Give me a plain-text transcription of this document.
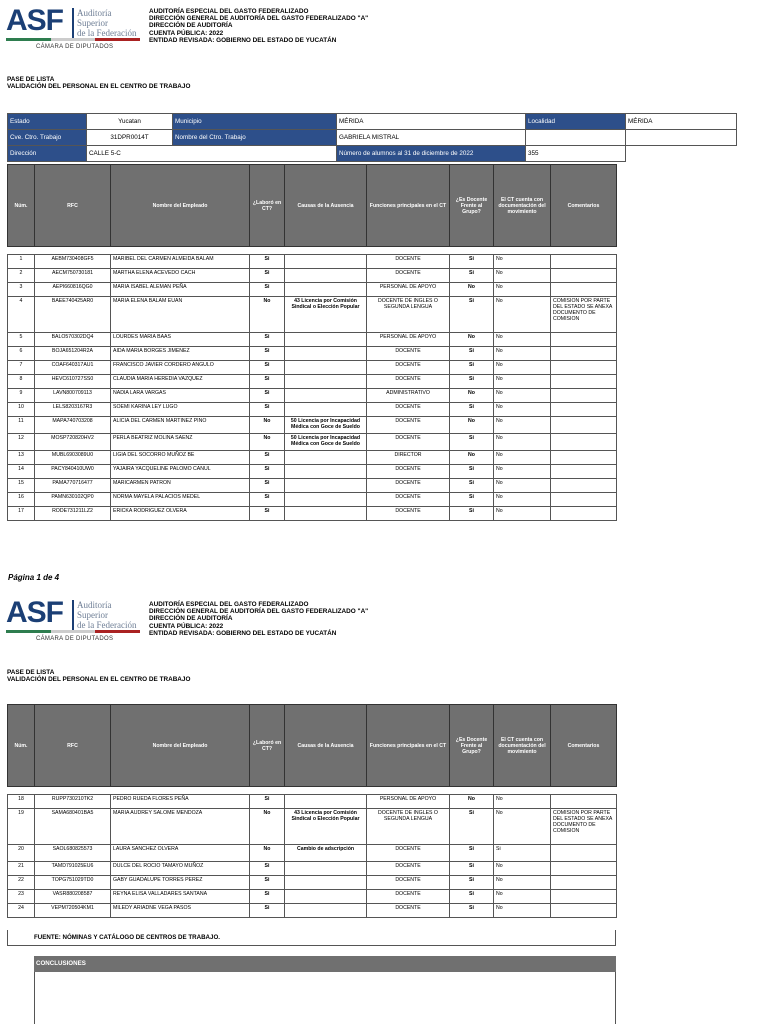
ASF Auditoría
Superior
de la Federación
CÁMARA DE DIPUTADOS
AUDITORÍA ESPECIAL DEL GASTO FEDERALIZADO
DIRECCIÓN GENERAL DE AUDITORÍA DEL GASTO FEDERALIZADO "A"
DIRECCIÓN DE AUDITORÍA
CUENTA PÚBLICA: 2022
ENTIDAD REVISADA: GOBIERNO DEL ESTADO DE YUCATÁN
PASE DE LISTA
VALIDACIÓN DEL PERSONAL EN EL CENTRO DE TRABAJO
Estado	Yucatan	Municipio	MÉRIDA	Localidad	MÉRIDA
Cve. Ctro. Trabajo	31DPR0014T	Nombre del Ctro. Trabajo	GABRIELA MISTRAL		
Dirección	CALLE 5-C		Número de alumnos al 31 de diciembre de 2022	355	
Núm.	RFC	Nombre del Empleado	¿Laboró en CT?	Causas de la Ausencia	Funciones principales en el CT	¿Es Docente Frente al Grupo?	El CT cuenta con documentación del movimiento	Comentarios
1	AEBM730408GF5	MARIBEL DEL CARMEN ALMEIDA BALAM	Si		DOCENTE	Si	No	
2	AECM750730181	MARTHA ELENA ACEVEDO CACH	Si		DOCENTE	Si	No	
3	AEPI660816QG0	MARIA ISABEL ALEMAN PEÑA	Si		PERSONAL DE APOYO	No	No	
4	BAEE740425AR0	MARIA ELENA BALAM EUAN	No	43 Licencia por Comisión Sindical o Elección Popular	DOCENTE DE INGLES O SEGUNDA LENGUA	Si	No	COMISION POR PARTE DEL ESTADO SE ANEXA DOCUMENTO DE COMISION
5	BALO570302DQ4	LOURDES MARIA BAAS	Si		PERSONAL DE APOYO	No	No	
6	BOJA651204R2A	AIDA MARIA BORGES JIMENEZ	Si		DOCENTE	Si	No	
7	COAF640317AU1	FRANCISCO JAVIER CORDERO ANGULO	Si		DOCENTE	Si	No	
8	HEVC610727SS0	CLAUDIA MARIA HEREDIA VAZQUEZ	Si		DOCENTE	Si	No	
9	LAVN800709113	NADIA LARA VARGAS	Si		ADMINISTRATIVO	No	No	
10	LELS8203167R3	SOEMI KARINA LEY LUGO	Si		DOCENTE	Si	No	
11	MAPA740703208	ALICIA DEL CARMEN MARTINEZ PINO	No	50 Licencia por Incapacidad Médica con Goce de Sueldo	DOCENTE	No	No	
12	MOSP720820HV2	PERLA BEATRIZ MOLINA SAENZ	No	50 Licencia por Incapacidad Médica con Goce de Sueldo	DOCENTE	Si	No	
13	MUBL6903089U0	LIGIA DEL SOCORRO MUÑOZ BE	Si		DIRECTOR	No	No	
14	PACY840410UW0	YAJAIRA YACQUELINE PALOMO CANUL	Si		DOCENTE	Si	No	
15	PAMA770716477	MARICARMEN PATRON	Si		DOCENTE	Si	No	
16	PAMN630102QP0	NORMA MAYELA PALACIOS MEDEL	Si		DOCENTE	Si	No	
17	RODE731211LZ2	ERICKA RODRIGUEZ OLVERA	Si		DOCENTE	Si	No	
Página 1 de 4
ASF Auditoría
Superior
de la Federación
CÁMARA DE DIPUTADOS
AUDITORÍA ESPECIAL DEL GASTO FEDERALIZADO
DIRECCIÓN GENERAL DE AUDITORÍA DEL GASTO FEDERALIZADO "A"
DIRECCIÓN DE AUDITORÍA
CUENTA PÚBLICA: 2022
ENTIDAD REVISADA: GOBIERNO DEL ESTADO DE YUCATÁN
PASE DE LISTA
VALIDACIÓN DEL PERSONAL EN EL CENTRO DE TRABAJO
Núm.	RFC	Nombre del Empleado	¿Laboró en CT?	Causas de la Ausencia	Funciones principales en el CT	¿Es Docente Frente al Grupo?	El CT cuenta con documentación del movimiento	Comentarios
18	RUPP730210TK2	PEDRO RUEDA FLORES PEÑA	Si		PERSONAL DE APOYO	No	No	
19	SAMA680401BA5	MARIA AUDREY SALOME MENDOZA	No	43 Licencia por Comisión Sindical o Elección Popular	DOCENTE DE INGLES O SEGUNDA LENGUA	Si	No	COMISION POR PARTE DEL ESTADO SE ANEXA DOCUMENTO DE COMISION
20	SAOL680825573	LAURA SANCHEZ OLVERA	No	Cambio de adscripción	DOCENTE	Si	Si	
21	TAMD791025EU6	DULCE DEL ROCIO TAMAYO MUÑOZ	Si		DOCENTE	Si	No	
22	TOPG751029TD0	GABY GUADALUPE TORRES PEREZ	Si		DOCENTE	Si	No	
23	VASR880208587	REYNA ELISA VALLADARES SANTANA	Si		DOCENTE	Si	No	
24	VEPM720504KM1	MILEDY ARIADNE VEGA PASOS	Si		DOCENTE	Si	No	
FUENTE: NÓMINAS Y CATÁLOGO DE CENTROS DE TRABAJO.
CONCLUSIONES
